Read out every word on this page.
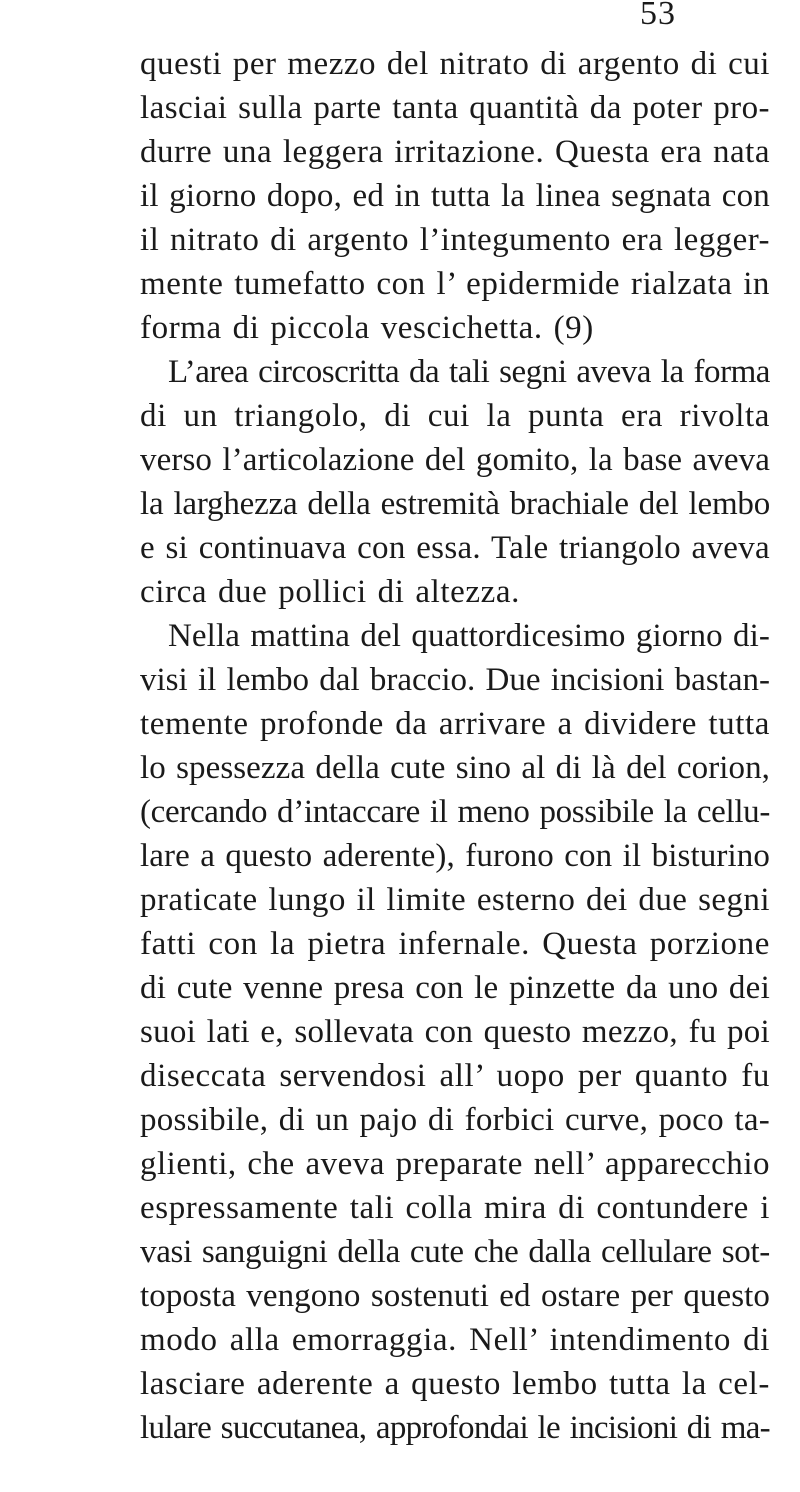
53
questi per mezzo del nitrato di argento di cui
lasciai sulla parte tanta quantità da poter pro-
durre una leggera irritazione. Questa era nata
il giorno dopo, ed in tutta la linea segnata con
il nitrato di argento l’integumento era legger-
mente tumefatto con l’ epidermide rialzata in
forma di piccola vescichetta. (9)
L’area circoscritta da tali segni aveva la forma
di un triangolo, di cui la punta era rivolta
verso l’articolazione del gomito, la base aveva
la larghezza della estremità brachiale del lembo
e si continuava con essa. Tale triangolo aveva
circa due pollici di altezza.
Nella mattina del quattordicesimo giorno di-
visi il lembo dal braccio. Due incisioni bastan-
temente profonde da arrivare a dividere tutta
lo spessezza della cute sino al di là del corion,
(cercando d’intaccare il meno possibile la cellu-
lare a questo aderente), furono con il bisturino
praticate lungo il limite esterno dei due segni
fatti con la pietra infernale. Questa porzione
di cute venne presa con le pinzette da uno dei
suoi lati e, sollevata con questo mezzo, fu poi
diseccata servendosi all’ uopo per quanto fu
possibile, di un pajo di forbici curve, poco ta-
glienti, che aveva preparate nell’ apparecchio
espressamente tali colla mira di contundere i
vasi sanguigni della cute che dalla cellulare sot-
toposta vengono sostenuti ed ostare per questo
modo alla emorraggia. Nell’ intendimento di
lasciare aderente a questo lembo tutta la cel-
lulare succutanea, approfondai le incisioni di ma-
